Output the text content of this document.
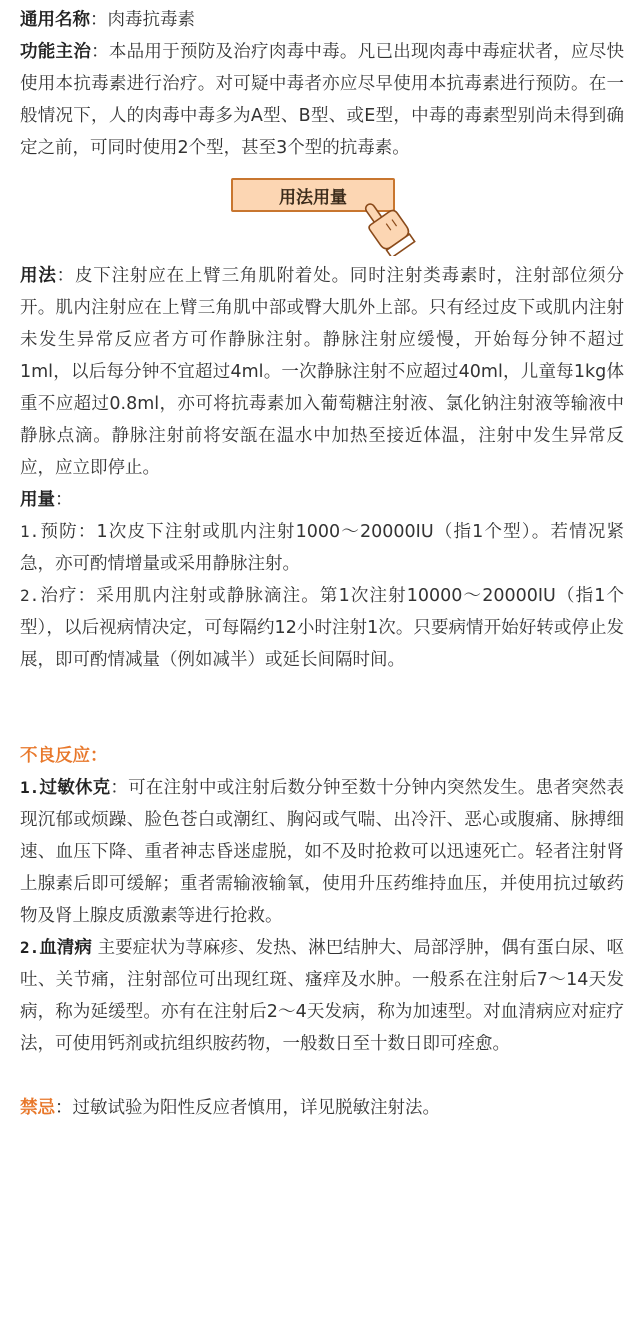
通用名称：肉毒抗毒素

功能主治：本品用于预防及治疗肉毒中毒。凡已出现肉毒中毒症状者，应尽快使用本抗毒素进行治疗。对可疑中毒者亦应尽早使用本抗毒素进行预防。在一般情况下，人的肉毒中毒多为A型、B型、或E型，中毒的毒素型别尚未得到确定之前，可同时使用2个型，甚至3个型的抗毒素。

用法用量

用法：皮下注射应在上臂三角肌附着处。同时注射类毒素时，注射部位须分开。肌内注射应在上臂三角肌中部或臀大肌外上部。只有经过皮下或肌内注射未发生异常反应者方可作静脉注射。静脉注射应缓慢，开始每分钟不超过1ml，以后每分钟不宜超过4ml。一次静脉注射不应超过40ml，儿童每1kg体重不应超过0.8ml，亦可将抗毒素加入葡萄糖注射液、氯化钠注射液等输液中静脉点滴。静脉注射前将安瓿在温水中加热至接近体温，注射中发生异常反应，应立即停止。

用量：

1.预防：1次皮下注射或肌内注射1000～20000IU（指1个型）。若情况紧急，亦可酌情增量或采用静脉注射。

2.治疗：采用肌内注射或静脉滴注。第1次注射10000～20000IU（指1个型），以后视病情决定，可每隔约12小时注射1次。只要病情开始好转或停止发展，即可酌情减量（例如减半）或延长间隔时间。

不良反应：

1.过敏休克：可在注射中或注射后数分钟至数十分钟内突然发生。患者突然表现沉郁或烦躁、脸色苍白或潮红、胸闷或气喘、出冷汗、恶心或腹痛、脉搏细速、血压下降、重者神志昏迷虚脱，如不及时抢救可以迅速死亡。轻者注射肾上腺素后即可缓解；重者需输液输氧，使用升压药维持血压，并使用抗过敏药物及肾上腺皮质激素等进行抢救。

2.血清病 主要症状为荨麻疹、发热、淋巴结肿大、局部浮肿，偶有蛋白尿、呕吐、关节痛，注射部位可出现红斑、瘙痒及水肿。一般系在注射后7～14天发病，称为延缓型。亦有在注射后2～4天发病，称为加速型。对血清病应对症疗法，可使用钙剂或抗组织胺药物，一般数日至十数日即可痊愈。

禁忌：过敏试验为阳性反应者慎用，详见脱敏注射法。
